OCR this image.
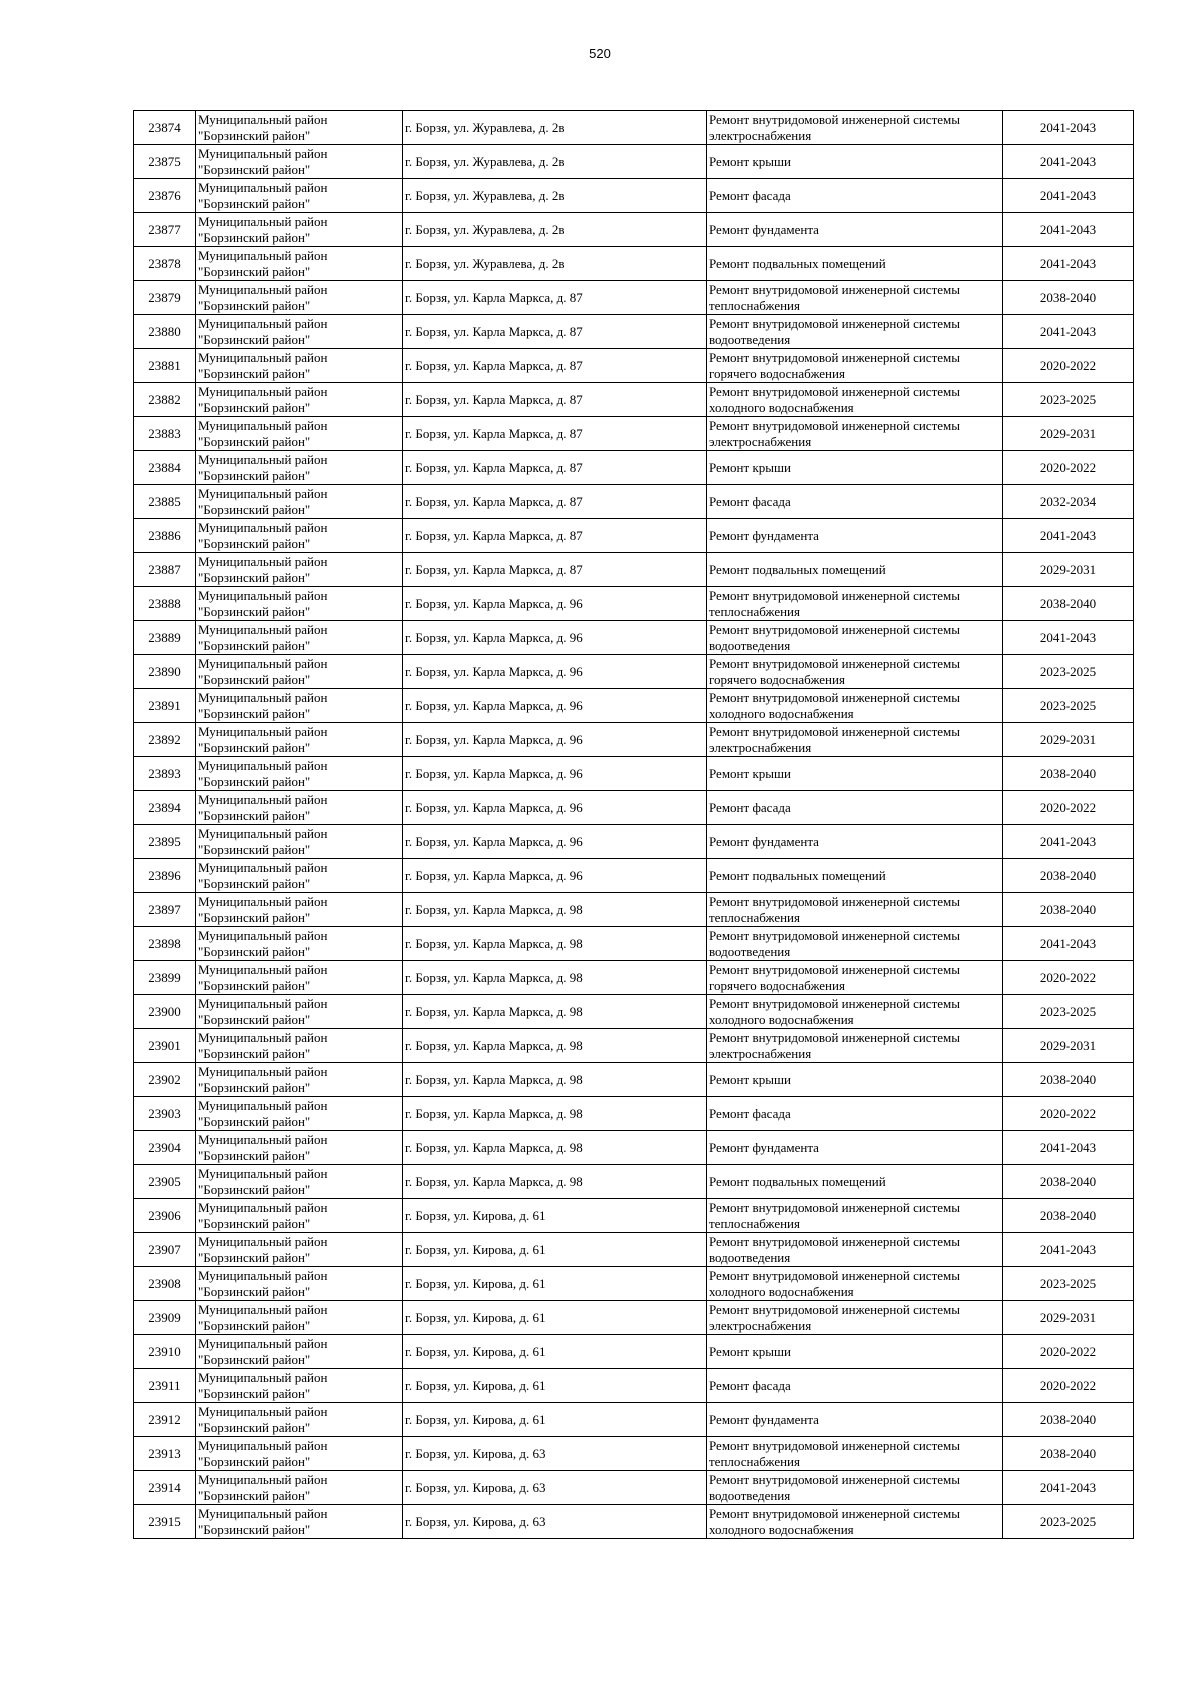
520
23874	Муниципальный район "Борзинский район"	г. Борзя, ул. Журавлева, д. 2в	Ремонт внутридомовой инженерной системы электроснабжения	2041-2043
23875	Муниципальный район "Борзинский район"	г. Борзя, ул. Журавлева, д. 2в	Ремонт крыши	2041-2043
23876	Муниципальный район "Борзинский район"	г. Борзя, ул. Журавлева, д. 2в	Ремонт фасада	2041-2043
23877	Муниципальный район "Борзинский район"	г. Борзя, ул. Журавлева, д. 2в	Ремонт фундамента	2041-2043
23878	Муниципальный район "Борзинский район"	г. Борзя, ул. Журавлева, д. 2в	Ремонт подвальных помещений	2041-2043
23879	Муниципальный район "Борзинский район"	г. Борзя, ул. Карла Маркса, д. 87	Ремонт внутридомовой инженерной системы теплоснабжения	2038-2040
23880	Муниципальный район "Борзинский район"	г. Борзя, ул. Карла Маркса, д. 87	Ремонт внутридомовой инженерной системы водоотведения	2041-2043
23881	Муниципальный район "Борзинский район"	г. Борзя, ул. Карла Маркса, д. 87	Ремонт внутридомовой инженерной системы горячего водоснабжения	2020-2022
23882	Муниципальный район "Борзинский район"	г. Борзя, ул. Карла Маркса, д. 87	Ремонт внутридомовой инженерной системы холодного водоснабжения	2023-2025
23883	Муниципальный район "Борзинский район"	г. Борзя, ул. Карла Маркса, д. 87	Ремонт внутридомовой инженерной системы электроснабжения	2029-2031
23884	Муниципальный район "Борзинский район"	г. Борзя, ул. Карла Маркса, д. 87	Ремонт крыши	2020-2022
23885	Муниципальный район "Борзинский район"	г. Борзя, ул. Карла Маркса, д. 87	Ремонт фасада	2032-2034
23886	Муниципальный район "Борзинский район"	г. Борзя, ул. Карла Маркса, д. 87	Ремонт фундамента	2041-2043
23887	Муниципальный район "Борзинский район"	г. Борзя, ул. Карла Маркса, д. 87	Ремонт подвальных помещений	2029-2031
23888	Муниципальный район "Борзинский район"	г. Борзя, ул. Карла Маркса, д. 96	Ремонт внутридомовой инженерной системы теплоснабжения	2038-2040
23889	Муниципальный район "Борзинский район"	г. Борзя, ул. Карла Маркса, д. 96	Ремонт внутридомовой инженерной системы водоотведения	2041-2043
23890	Муниципальный район "Борзинский район"	г. Борзя, ул. Карла Маркса, д. 96	Ремонт внутридомовой инженерной системы горячего водоснабжения	2023-2025
23891	Муниципальный район "Борзинский район"	г. Борзя, ул. Карла Маркса, д. 96	Ремонт внутридомовой инженерной системы холодного водоснабжения	2023-2025
23892	Муниципальный район "Борзинский район"	г. Борзя, ул. Карла Маркса, д. 96	Ремонт внутридомовой инженерной системы электроснабжения	2029-2031
23893	Муниципальный район "Борзинский район"	г. Борзя, ул. Карла Маркса, д. 96	Ремонт крыши	2038-2040
23894	Муниципальный район "Борзинский район"	г. Борзя, ул. Карла Маркса, д. 96	Ремонт фасада	2020-2022
23895	Муниципальный район "Борзинский район"	г. Борзя, ул. Карла Маркса, д. 96	Ремонт фундамента	2041-2043
23896	Муниципальный район "Борзинский район"	г. Борзя, ул. Карла Маркса, д. 96	Ремонт подвальных помещений	2038-2040
23897	Муниципальный район "Борзинский район"	г. Борзя, ул. Карла Маркса, д. 98	Ремонт внутридомовой инженерной системы теплоснабжения	2038-2040
23898	Муниципальный район "Борзинский район"	г. Борзя, ул. Карла Маркса, д. 98	Ремонт внутридомовой инженерной системы водоотведения	2041-2043
23899	Муниципальный район "Борзинский район"	г. Борзя, ул. Карла Маркса, д. 98	Ремонт внутридомовой инженерной системы горячего водоснабжения	2020-2022
23900	Муниципальный район "Борзинский район"	г. Борзя, ул. Карла Маркса, д. 98	Ремонт внутридомовой инженерной системы холодного водоснабжения	2023-2025
23901	Муниципальный район "Борзинский район"	г. Борзя, ул. Карла Маркса, д. 98	Ремонт внутридомовой инженерной системы электроснабжения	2029-2031
23902	Муниципальный район "Борзинский район"	г. Борзя, ул. Карла Маркса, д. 98	Ремонт крыши	2038-2040
23903	Муниципальный район "Борзинский район"	г. Борзя, ул. Карла Маркса, д. 98	Ремонт фасада	2020-2022
23904	Муниципальный район "Борзинский район"	г. Борзя, ул. Карла Маркса, д. 98	Ремонт фундамента	2041-2043
23905	Муниципальный район "Борзинский район"	г. Борзя, ул. Карла Маркса, д. 98	Ремонт подвальных помещений	2038-2040
23906	Муниципальный район "Борзинский район"	г. Борзя, ул. Кирова, д. 61	Ремонт внутридомовой инженерной системы теплоснабжения	2038-2040
23907	Муниципальный район "Борзинский район"	г. Борзя, ул. Кирова, д. 61	Ремонт внутридомовой инженерной системы водоотведения	2041-2043
23908	Муниципальный район "Борзинский район"	г. Борзя, ул. Кирова, д. 61	Ремонт внутридомовой инженерной системы холодного водоснабжения	2023-2025
23909	Муниципальный район "Борзинский район"	г. Борзя, ул. Кирова, д. 61	Ремонт внутридомовой инженерной системы электроснабжения	2029-2031
23910	Муниципальный район "Борзинский район"	г. Борзя, ул. Кирова, д. 61	Ремонт крыши	2020-2022
23911	Муниципальный район "Борзинский район"	г. Борзя, ул. Кирова, д. 61	Ремонт фасада	2020-2022
23912	Муниципальный район "Борзинский район"	г. Борзя, ул. Кирова, д. 61	Ремонт фундамента	2038-2040
23913	Муниципальный район "Борзинский район"	г. Борзя, ул. Кирова, д. 63	Ремонт внутридомовой инженерной системы теплоснабжения	2038-2040
23914	Муниципальный район "Борзинский район"	г. Борзя, ул. Кирова, д. 63	Ремонт внутридомовой инженерной системы водоотведения	2041-2043
23915	Муниципальный район "Борзинский район"	г. Борзя, ул. Кирова, д. 63	Ремонт внутридомовой инженерной системы холодного водоснабжения	2023-2025
